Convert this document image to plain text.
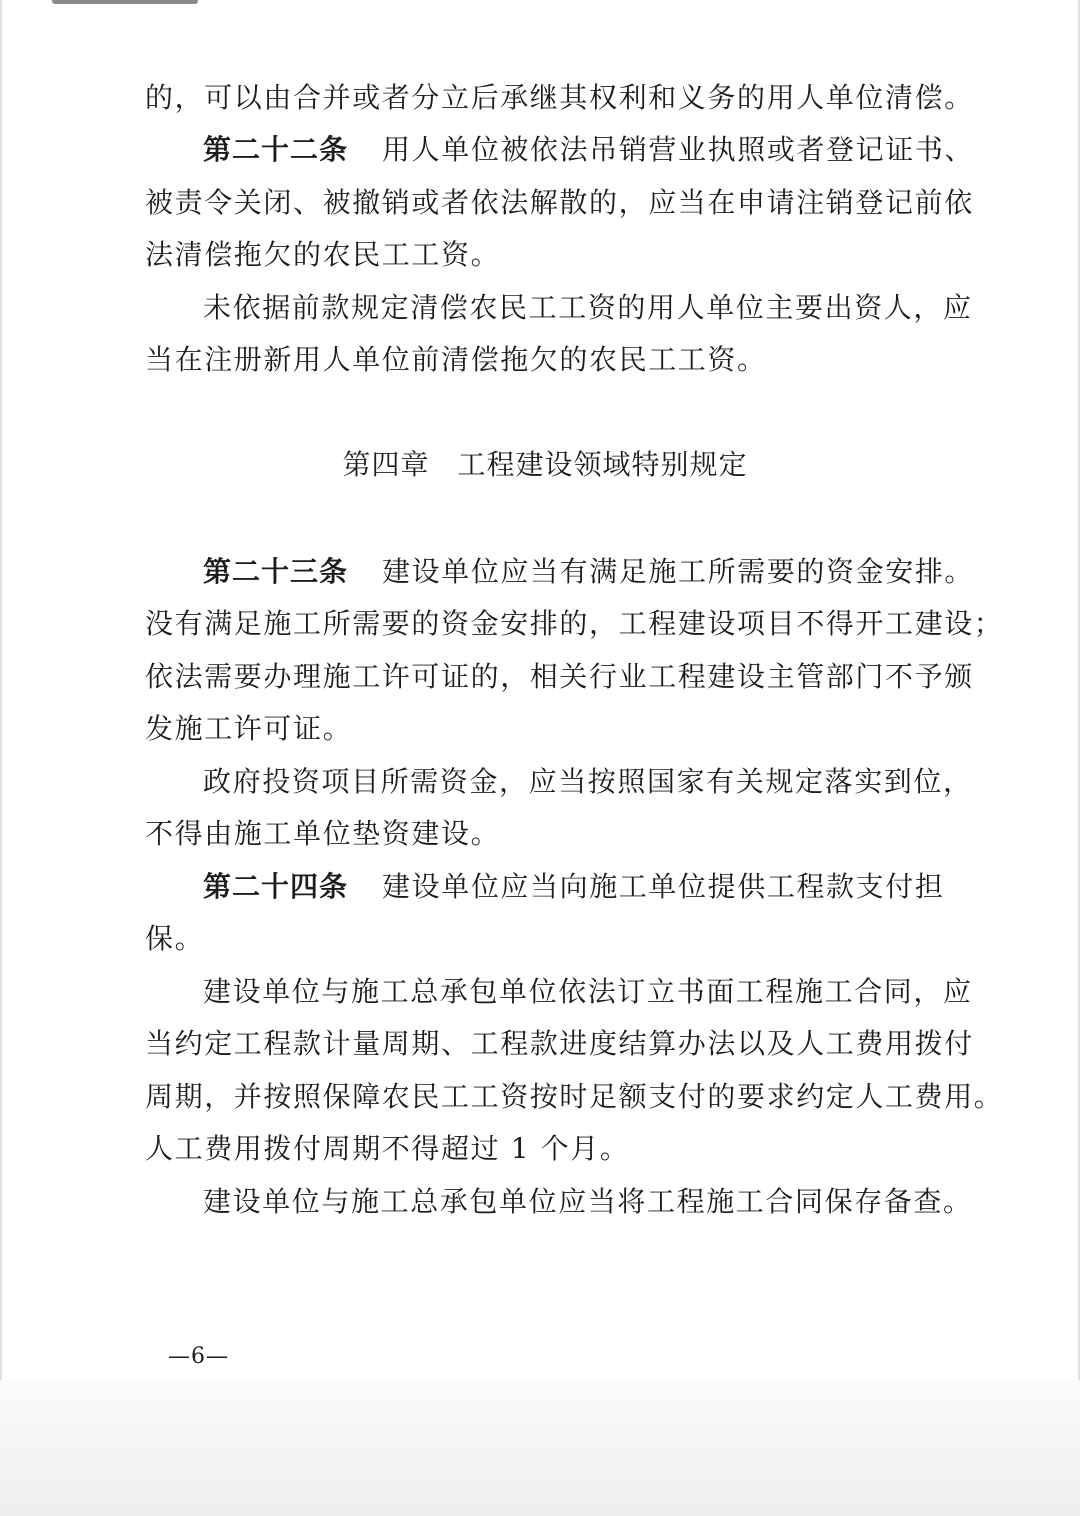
的，可以由合并或者分立后承继其权利和义务的用人单位清偿。
第二十二条 用人单位被依法吊销营业执照或者登记证书、
被责令关闭、被撤销或者依法解散的，应当在申请注销登记前依
法清偿拖欠的农民工工资。
未依据前款规定清偿农民工工资的用人单位主要出资人，应
当在注册新用人单位前清偿拖欠的农民工工资。
第四章 工程建设领域特别规定
第二十三条 建设单位应当有满足施工所需要的资金安排。
没有满足施工所需要的资金安排的，工程建设项目不得开工建设；
依法需要办理施工许可证的，相关行业工程建设主管部门不予颁
发施工许可证。
政府投资项目所需资金，应当按照国家有关规定落实到位，
不得由施工单位垫资建设。
第二十四条 建设单位应当向施工单位提供工程款支付担
保。
建设单位与施工总承包单位依法订立书面工程施工合同，应
当约定工程款计量周期、工程款进度结算办法以及人工费用拨付
周期，并按照保障农民工工资按时足额支付的要求约定人工费用。
人工费用拨付周期不得超过 1 个月。
建设单位与施工总承包单位应当将工程施工合同保存备查。
—6—
